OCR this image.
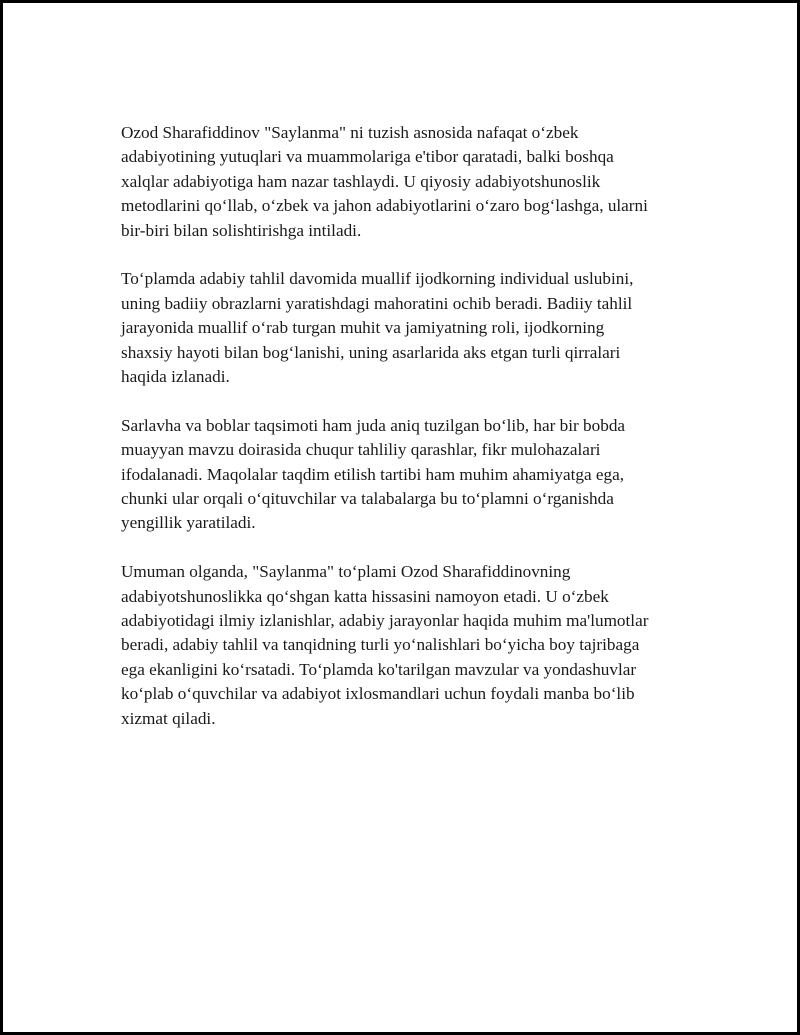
Ozod Sharafiddinov "Saylanma" ni tuzish asnosida nafaqat o‘zbek
adabiyotining yutuqlari va muammolariga e'tibor qaratadi, balki boshqa
xalqlar adabiyotiga ham nazar tashlaydi. U qiyosiy adabiyotshunoslik
metodlarini qo‘llab, o‘zbek va jahon adabiyotlarini o‘zaro bog‘lashga, ularni
bir-biri bilan solishtirishga intiladi.

To‘plamda adabiy tahlil davomida muallif ijodkorning individual uslubini,
uning badiiy obrazlarni yaratishdagi mahoratini ochib beradi. Badiiy tahlil
jarayonida muallif o‘rab turgan muhit va jamiyatning roli, ijodkorning
shaxsiy hayoti bilan bog‘lanishi, uning asarlarida aks etgan turli qirralari
haqida izlanadi.

Sarlavha va boblar taqsimoti ham juda aniq tuzilgan bo‘lib, har bir bobda
muayyan mavzu doirasida chuqur tahliliy qarashlar, fikr mulohazalari
ifodalanadi. Maqolalar taqdim etilish tartibi ham muhim ahamiyatga ega,
chunki ular orqali o‘qituvchilar va talabalarga bu to‘plamni o‘rganishda
yengillik yaratiladi.

Umuman olganda, "Saylanma" to‘plami Ozod Sharafiddinovning
adabiyotshunoslikka qo‘shgan katta hissasini namoyon etadi. U o‘zbek
adabiyotidagi ilmiy izlanishlar, adabiy jarayonlar haqida muhim ma'lumotlar
beradi, adabiy tahlil va tanqidning turli yo‘nalishlari bo‘yicha boy tajribaga
ega ekanligini ko‘rsatadi. To‘plamda ko'tarilgan mavzular va yondashuvlar
ko‘plab o‘quvchilar va adabiyot ixlosmandlari uchun foydali manba bo‘lib
xizmat qiladi.
